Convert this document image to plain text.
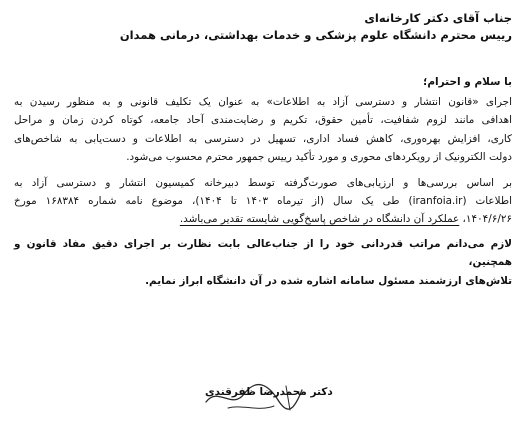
جناب آقای دکتر کارخانه‌ای
رییس محترم دانشگاه علوم پزشکی و خدمات بهداشتی، درمانی همدان
با سلام و احترام؛

اجرای «قانون انتشار و دسترسی آزاد به اطلاعات» به عنوان یک تکلیف قانونی و به منظور رسیدن به
اهدافی مانند لزوم شفافیت، تأمین حقوق، تکریم و رضایت‌مندی آحاد جامعه، کوتاه کردن زمان و مراحل
کاری، افزایش بهره‌وری، کاهش فساد اداری، تسهیل در دسترسی به اطلاعات و دست‌یابی به شاخص‌های
دولت الکترونیک از رویکردهای محوری و مورد تأکید رییس جمهور محترم محسوب می‌شود.

بر اساس بررسی‌ها و ارزیابی‌های صورت‌گرفته توسط دبیرخانه کمیسیون انتشار و دسترسی آزاد به
اطلاعات (iranfoia.ir) طی یک سال (از تیرماه ۱۴۰۳ تا ۱۴۰۴)، موضوع نامه شماره ۱۶۸۳۸۴ مورخ
۱۴۰۴/۶/۲۶، عملکرد آن دانشگاه در شاخص پاسخ‌گویی شایسته تقدیر می‌باشد.

لازم می‌دانم مراتب قدردانی خود را از جناب‌عالی بابت نظارت بر اجرای دقیق مفاد قانون و همچنین،
تلاش‌های ارزشمند مسئول سامانه اشاره شده در آن دانشگاه ابراز نمایم.

دکتر محمدرضا ظفرقندی
